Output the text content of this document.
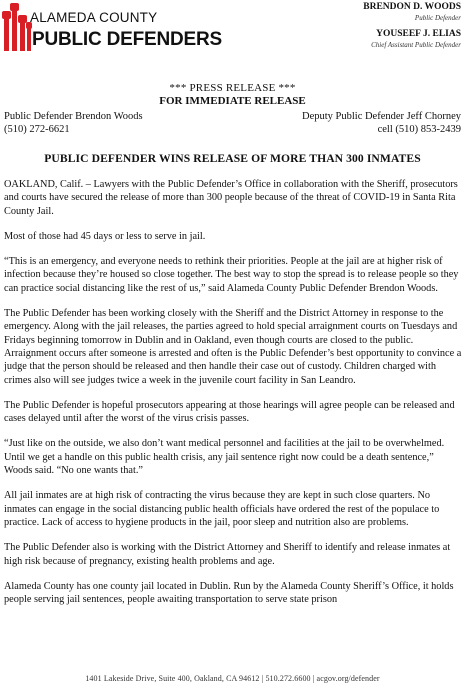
ALAMEDA COUNTY
PUBLIC DEFENDERS
BRENDON D. WOODS
Public Defender
YOUSEEF J. ELIAS
Chief Assistant Public Defender
*** PRESS RELEASE ***
FOR IMMEDIATE RELEASE
Public Defender Brendon Woods
(510) 272-6621
Deputy Public Defender Jeff Chorney
cell (510) 853-2439
PUBLIC DEFENDER WINS RELEASE OF MORE THAN 300 INMATES

OAKLAND, Calif. – Lawyers with the Public Defender’s Office in collaboration with the Sheriff, prosecutors and courts have secured the release of more than 300 people because of the threat of COVID-19 in Santa Rita County Jail.

Most of those had 45 days or less to serve in jail.

“This is an emergency, and everyone needs to rethink their priorities. People at the jail are at higher risk of infection because they’re housed so close together. The best way to stop the spread is to release people so they can practice social distancing like the rest of us,” said Alameda County Public Defender Brendon Woods.

The Public Defender has been working closely with the Sheriff and the District Attorney in response to the emergency. Along with the jail releases, the parties agreed to hold special arraignment courts on Tuesdays and Fridays beginning tomorrow in Dublin and in Oakland, even though courts are closed to the public. Arraignment occurs after someone is arrested and often is the Public Defender’s best opportunity to convince a judge that the person should be released and then handle their case out of custody. Children charged with crimes also will see judges twice a week in the juvenile court facility in San Leandro.

The Public Defender is hopeful prosecutors appearing at those hearings will agree people can be released and cases delayed until after the worst of the virus crisis passes.

“Just like on the outside, we also don’t want medical personnel and facilities at the jail to be overwhelmed. Until we get a handle on this public health crisis, any jail sentence right now could be a death sentence,” Woods said. “No one wants that.”

All jail inmates are at high risk of contracting the virus because they are kept in such close quarters. No inmates can engage in the social distancing public health officials have ordered the rest of the populace to practice. Lack of access to hygiene products in the jail, poor sleep and nutrition also are problems.

The Public Defender also is working with the District Attorney and Sheriff to identify and release inmates at high risk because of pregnancy, existing health problems and age.

Alameda County has one county jail located in Dublin. Run by the Alameda County Sheriff’s Office, it holds people serving jail sentences, people awaiting transportation to serve state prison

1401 Lakeside Drive, Suite 400, Oakland, CA 94612 | 510.272.6600 | acgov.org/defender
